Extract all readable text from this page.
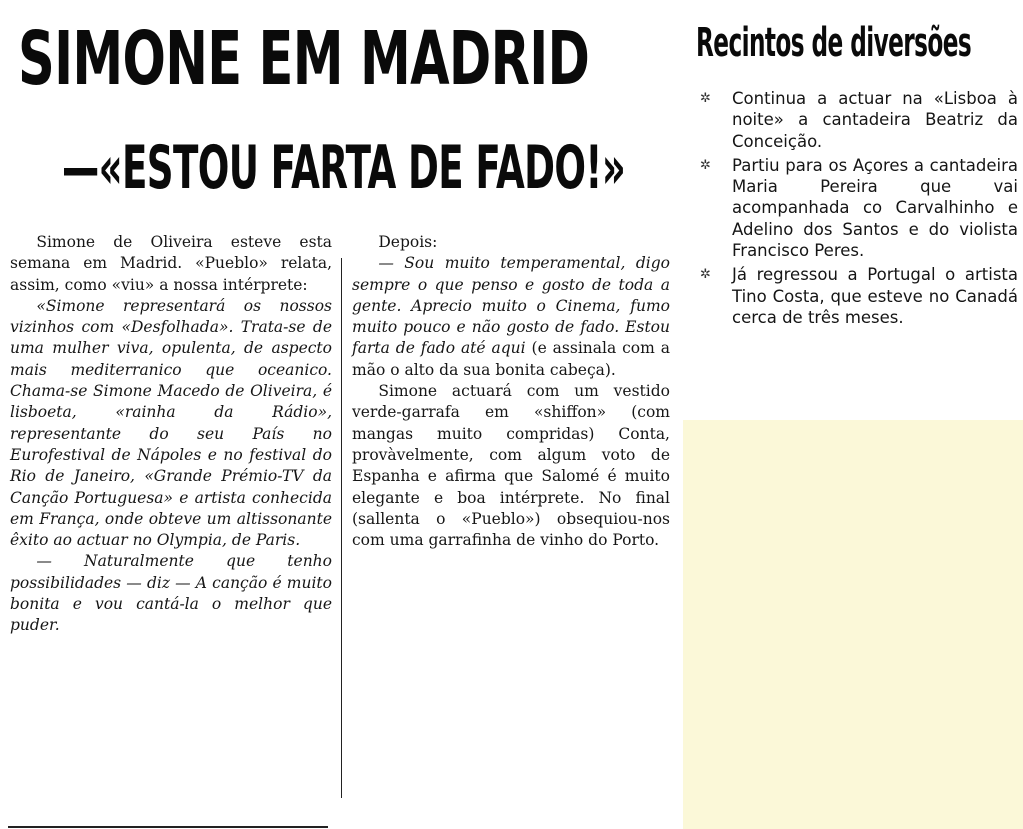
SIMONE EM MADRID
—«ESTOU FARTA DE FADO!»

Simone de Oliveira esteve esta semana em Madrid. «Pueblo» relata, assim, como «viu» a nossa intérprete:

«Simone representará os nossos vizinhos com «Desfolhada». Trata-se de uma mulher viva, opulenta, de aspecto mais mediterranico que oceanico. Chama-se Simone Macedo de Oliveira, é lisboeta, «rainha da Rádio», representante do seu País no Eurofestival de Nápoles e no festival do Rio de Janeiro, «Grande Prémio-TV da Canção Portuguesa» e artista conhecida em França, onde obteve um altissonante êxito ao actuar no Olympia, de Paris.

— Naturalmente que tenho possibilidades — diz — A canção é muito bonita e vou cantá-la o melhor que puder.

Depois:

— Sou muito temperamental, digo sempre o que penso e gosto de toda a gente. Aprecio muito o Cinema, fumo muito pouco e não gosto de fado. Estou farta de fado até aqui (e assinala com a mão o alto da sua bonita cabeça).

Simone actuará com um vestido verde-garrafa em «shiffon» (com mangas muito compridas) Conta, provàvelmente, com algum voto de Espanha e afirma que Salomé é muito elegante e boa intérprete. No final (sallenta o «Pueblo») obsequiou-nos com uma garrafinha de vinho do Porto.

Recintos de diversões
✲ Continua a actuar na «Lisboa à noite» a cantadeira Beatriz da Conceição.
✲ Partiu para os Açores a cantadeira Maria Pereira que vai acompanhada co Carvalhinho e Adelino dos Santos e do violista Francisco Peres.
✲ Já regressou a Portugal o artista Tino Costa, que esteve no Canadá cerca de três meses.
